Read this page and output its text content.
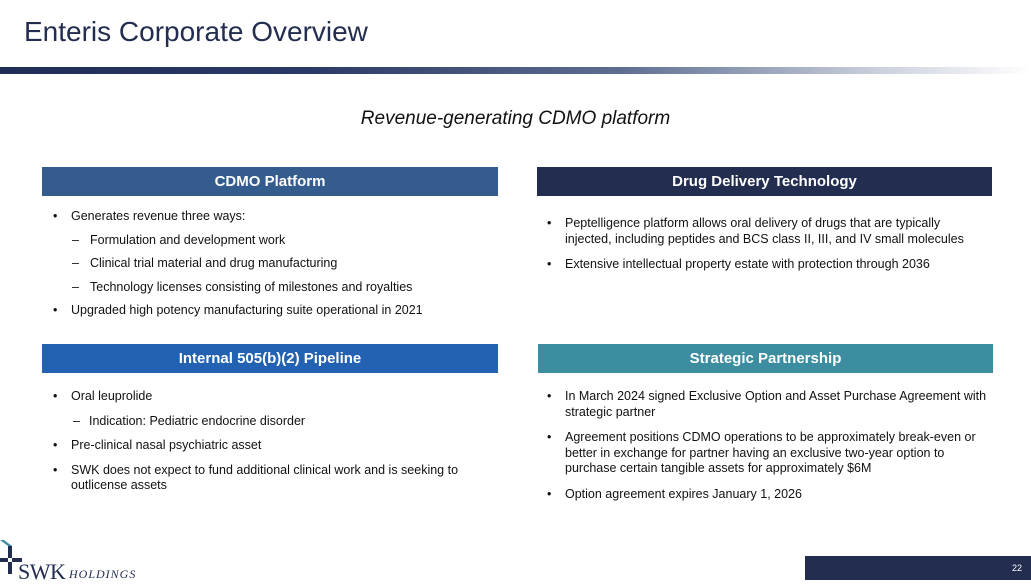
Enteris Corporate Overview
Revenue-generating CDMO platform
CDMO Platform
• Generates revenue three ways:
– Formulation and development work
– Clinical trial material and drug manufacturing
– Technology licenses consisting of milestones and royalties
• Upgraded high potency manufacturing suite operational in 2021
Drug Delivery Technology
• Peptelligence platform allows oral delivery of drugs that are typically injected, including peptides and BCS class II, III, and IV small molecules
• Extensive intellectual property estate with protection through 2036
Internal 505(b)(2) Pipeline
• Oral leuprolide
– Indication: Pediatric endocrine disorder
• Pre-clinical nasal psychiatric asset
• SWK does not expect to fund additional clinical work and is seeking to outlicense assets
Strategic Partnership
• In March 2024 signed Exclusive Option and Asset Purchase Agreement with strategic partner
• Agreement positions CDMO operations to be approximately break-even or better in exchange for partner having an exclusive two-year option to purchase certain tangible assets for approximately $6M
• Option agreement expires January 1, 2026
SWK HOLDINGS	22
